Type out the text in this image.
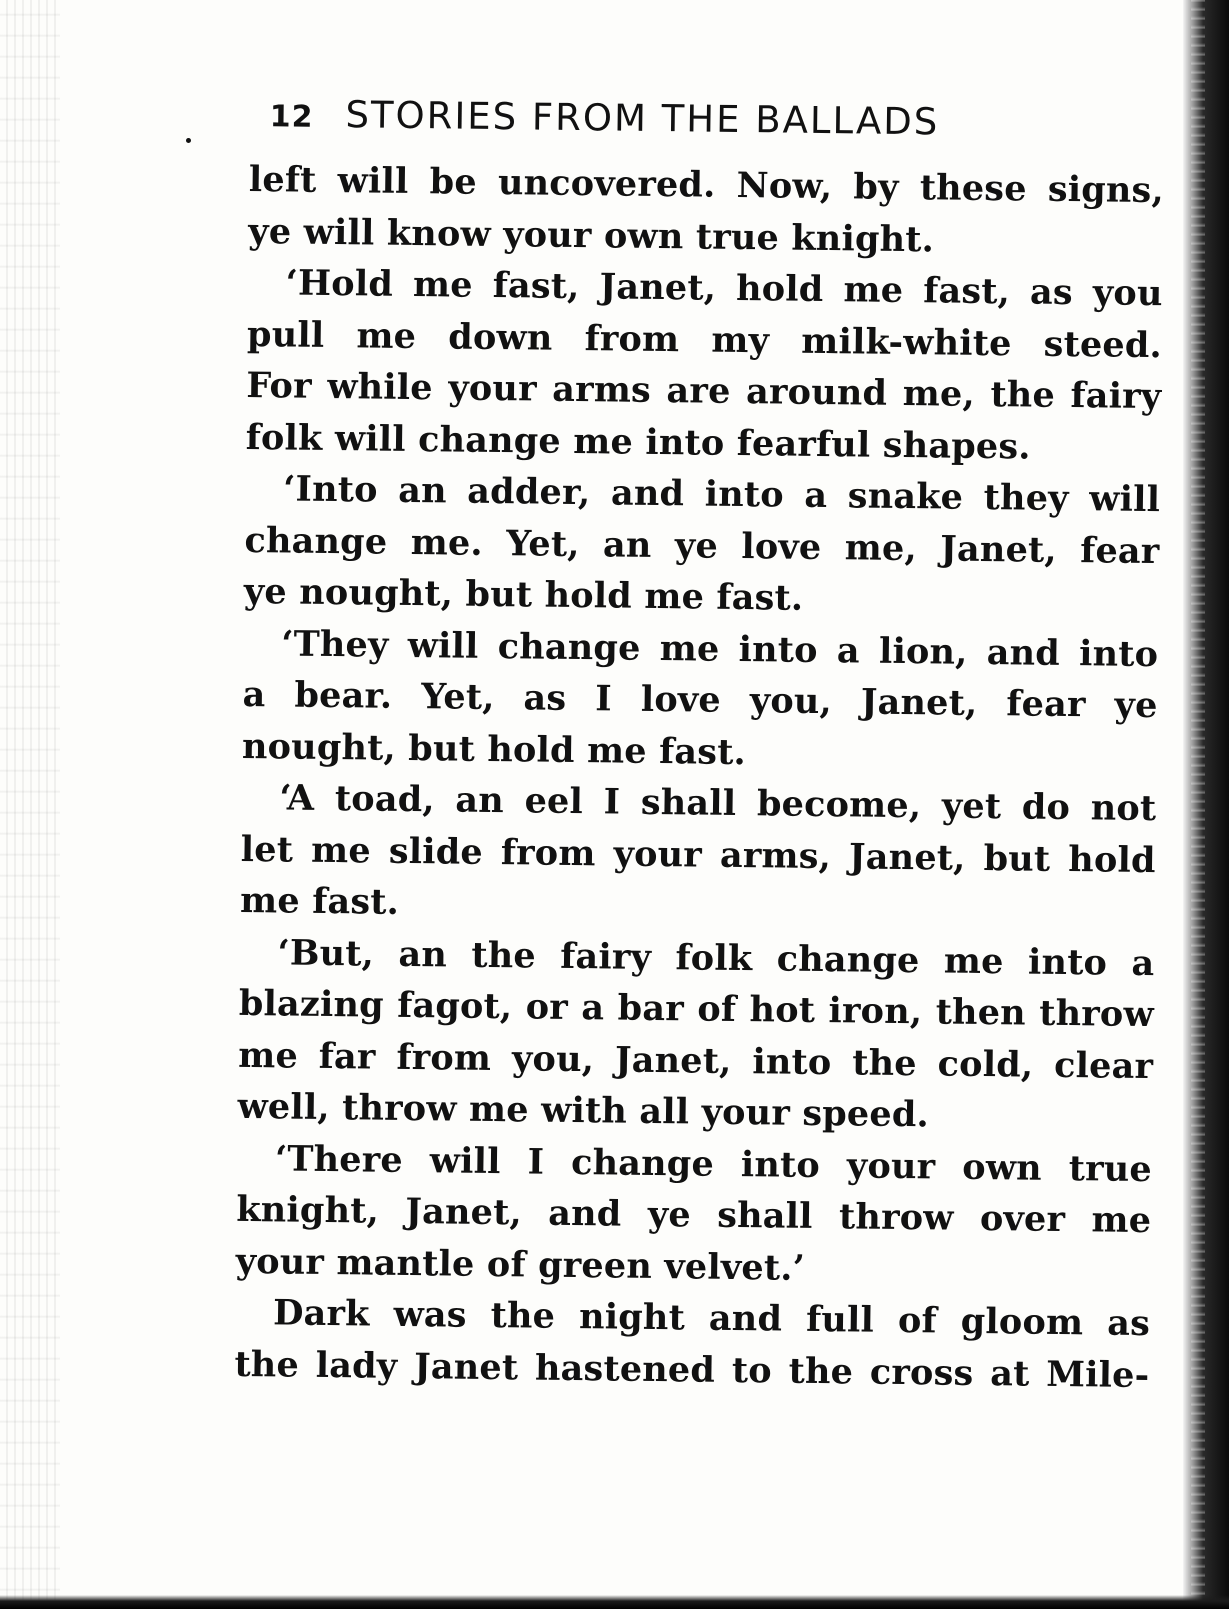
12 STORIES FROM THE BALLADS
left will be uncovered. Now, by these signs,
ye will know your own true knight.
‘Hold me fast, Janet, hold me fast, as you
pull me down from my milk-white steed.
For while your arms are around me, the fairy
folk will change me into fearful shapes.
‘Into an adder, and into a snake they will
change me. Yet, an ye love me, Janet, fear
ye nought, but hold me fast.
‘They will change me into a lion, and into
a bear. Yet, as I love you, Janet, fear ye
nought, but hold me fast.
‘A toad, an eel I shall become, yet do not
let me slide from your arms, Janet, but hold
me fast.
‘But, an the fairy folk change me into a
blazing fagot, or a bar of hot iron, then throw
me far from you, Janet, into the cold, clear
well, throw me with all your speed.
‘There will I change into your own true
knight, Janet, and ye shall throw over me
your mantle of green velvet.’
Dark was the night and full of gloom as
the lady Janet hastened to the cross at Mile-
